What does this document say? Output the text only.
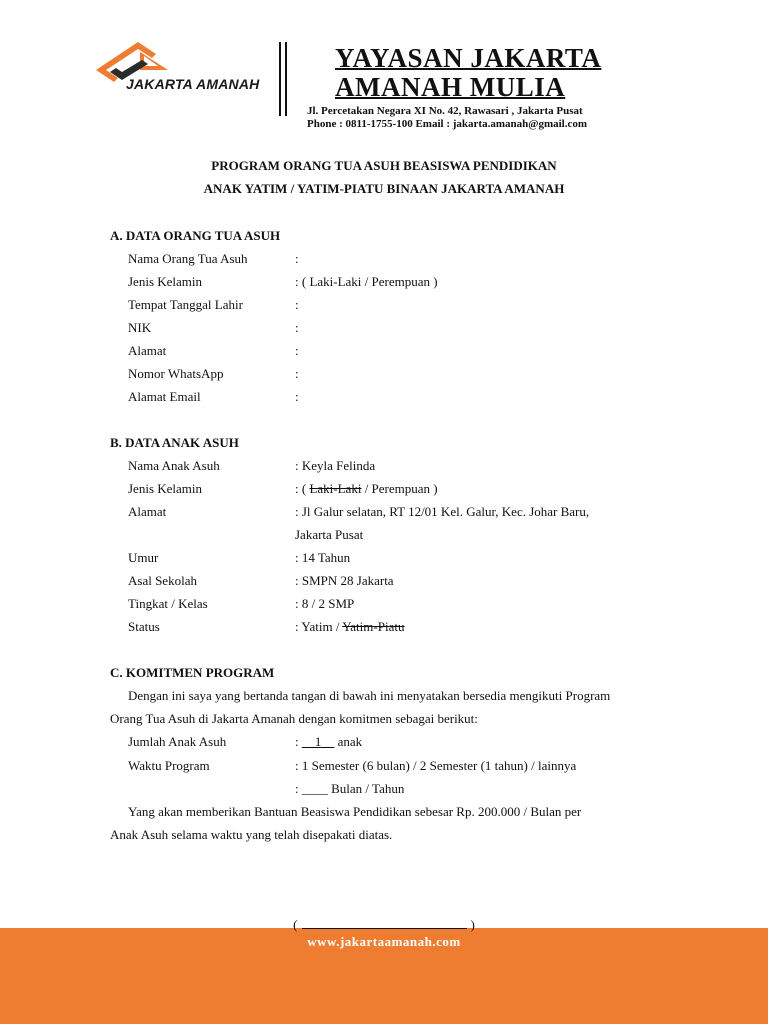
JAKARTA AMANAH
YAYASAN JAKARTA AMANAH MULIA
Jl. Percetakan Negara XI No. 42, Rawasari , Jakarta Pusat
Phone : 0811-1755-100 Email : jakarta.amanah@gmail.com
PROGRAM ORANG TUA ASUH BEASISWA PENDIDIKAN
ANAK YATIM / YATIM-PIATU BINAAN JAKARTA AMANAH
A. DATA ORANG TUA ASUH
Nama Orang Tua Asuh	:
Jenis Kelamin	: ( Laki-Laki / Perempuan )
Tempat Tanggal Lahir	:
NIK	:
Alamat	:
Nomor WhatsApp	:
Alamat Email	:
B. DATA ANAK ASUH
Nama Anak Asuh	: Keyla Felinda
Jenis Kelamin	: ( Laki-Laki / Perempuan )
Alamat	: Jl Galur selatan, RT 12/01 Kel. Galur, Kec. Johar Baru,
Jakarta Pusat
Umur	: 14 Tahun
Asal Sekolah	: SMPN 28 Jakarta
Tingkat / Kelas	: 8 / 2 SMP
Status	: Yatim / Yatim-Piatu
C. KOMITMEN PROGRAM
Dengan ini saya yang bertanda tangan di bawah ini menyatakan bersedia mengikuti Program
Orang Tua Asuh di Jakarta Amanah dengan komitmen sebagai berikut:
Jumlah Anak Asuh	: __1__ anak
Waktu Program	: 1 Semester (6 bulan) / 2 Semester (1 tahun) / lainnya
: ____ Bulan / Tahun
Yang akan memberikan Bantuan Beasiswa Pendidikan sebesar Rp. 200.000 / Bulan per
Anak Asuh selama waktu yang telah disepakati diatas.
(	)
www.jakartaamanah.com
